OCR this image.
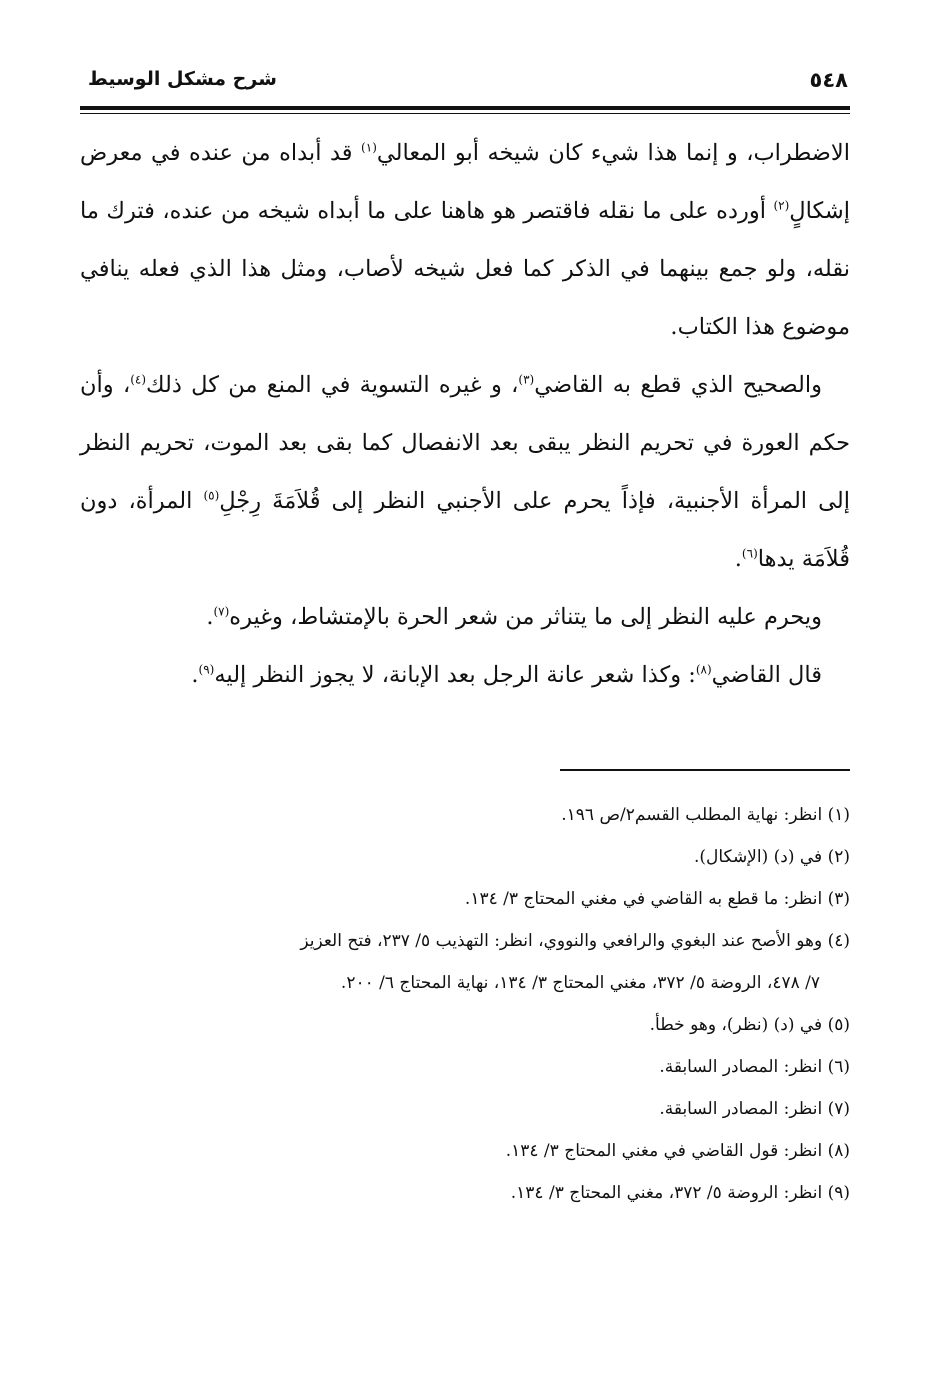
٥٤٨
شرح مشكل الوسيط

الاضطراب، و إنما هذا شيء كان شيخه أبو المعالي$^{(١)}$ قد أبداه من عنده في معرض إشكالٍ$^{(٢)}$ أورده على ما نقله فاقتصر هو هاهنا على ما أبداه شيخه من عنده، فترك ما نقله، ولو جمع بينهما في الذكر كما فعل شيخه لأصاب، ومثل هذا الذي فعله ينافي موضوع هذا الكتاب.

والصحيح الذي قطع به القاضي$^{(٣)}$، و غيره التسوية في المنع من كل ذلك$^{(٤)}$، وأن حكم العورة في تحريم النظر يبقى بعد الانفصال كما بقى بعد الموت، تحريم النظر إلى المرأة الأجنبية، فإذاً يحرم على الأجنبي النظر إلى قُلاَمَةَ رِجْلِ$^{(٥)}$ المرأة، دون قُلاَمَة يدها$^{(٦)}$.

ويحرم عليه النظر إلى ما يتناثر من شعر الحرة بالإمتشاط، وغيره$^{(٧)}$.

قال القاضي$^{(٨)}$: وكذا شعر عانة الرجل بعد الإبانة، لا يجوز النظر إليه$^{(٩)}$.

(١) انظر: نهاية المطلب القسم٢/ص ١٩٦.

(٢) في (د) (الإشكال).

(٣) انظر: ما قطع به القاضي في مغني المحتاج ٣/ ١٣٤.

(٤) وهو الأصح عند البغوي والرافعي والنووي، انظر: التهذيب ٥/ ٢٣٧، فتح العزيز
٧/ ٤٧٨، الروضة ٥/ ٣٧٢، مغني المحتاج ٣/ ١٣٤، نهاية المحتاج ٦/ ٢٠٠.

(٥) في (د) (نظر)، وهو خطأ.

(٦) انظر: المصادر السابقة.

(٧) انظر: المصادر السابقة.

(٨) انظر: قول القاضي في مغني المحتاج ٣/ ١٣٤.

(٩) انظر: الروضة ٥/ ٣٧٢، مغني المحتاج ٣/ ١٣٤.
